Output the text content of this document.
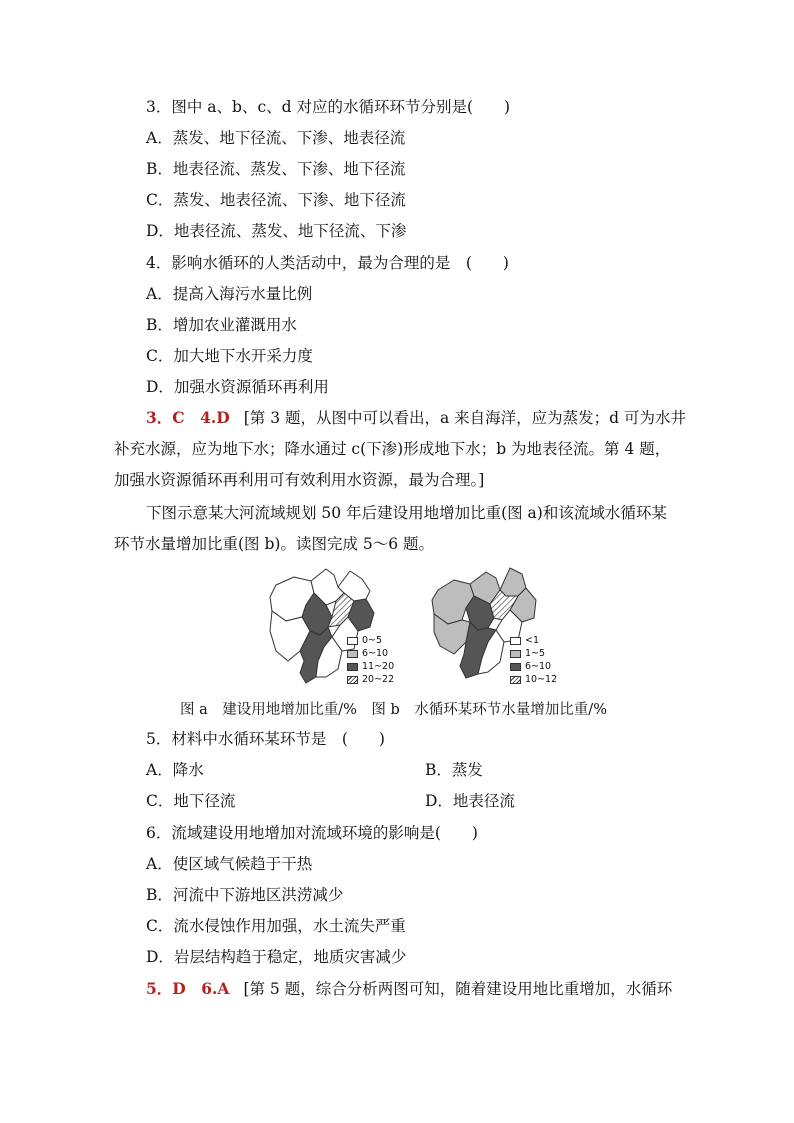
3．图中 a、b、c、d 对应的水循环环节分别是(　　)
A．蒸发、地下径流、下渗、地表径流
B．地表径流、蒸发、下渗、地下径流
C．蒸发、地表径流、下渗、地下径流
D．地表径流、蒸发、地下径流、下渗
4．影响水循环的人类活动中，最为合理的是　(　　)
A．提高入海污水量比例
B．增加农业灌溉用水
C．加大地下水开采力度
D．加强水资源循环再利用
3．C　4.D [第 3 题，从图中可以看出，a 来自海洋，应为蒸发；d 可为水井
补充水源，应为地下水；降水通过 c(下渗)形成地下水；b 为地表径流。第 4 题，
加强水资源循环再利用可有效利用水资源，最为合理。]
下图示意某大河流域规划 50 年后建设用地增加比重(图 a)和该流域水循环某
环节水量增加比重(图 b)。读图完成 5～6 题。
0~5
6~10
11~20
20~22
<1
1~5
6~10
10~12
图 a　建设用地增加比重/%　图 b　水循环某环节水量增加比重/%
5．材料中水循环某环节是　(　　)
A．降水	B．蒸发
C．地下径流	D．地表径流
6．流域建设用地增加对流域环境的影响是(　　)
A．使区域气候趋于干热
B．河流中下游地区洪涝减少
C．流水侵蚀作用加强，水土流失严重
D．岩层结构趋于稳定，地质灾害减少
5．D　6.A [第 5 题，综合分析两图可知，随着建设用地比重增加，水循环
